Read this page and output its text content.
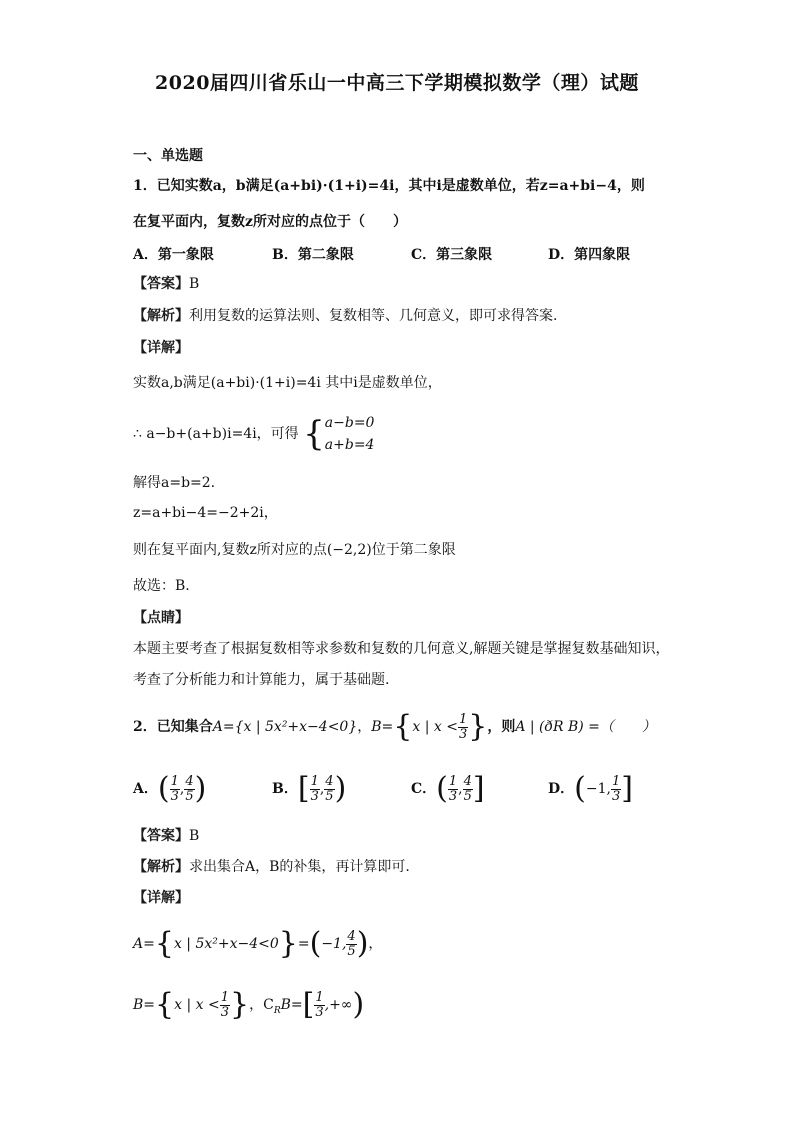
2020届四川省乐山一中高三下学期模拟数学（理）试题
一、单选题
1．已知实数a，b满足(a+bi)·(1+i)=4i，其中i是虚数单位，若z=a+bi−4，则
在复平面内，复数z所对应的点位于（　　）
A．第一象限	B．第二象限	C．第三象限	D．第四象限
【答案】B
【解析】利用复数的运算法则、复数相等、几何意义，即可求得答案.
【详解】
实数a,b满足(a+bi)·(1+i)=4i 其中i是虚数单位，
∴ a−b+(a+b)i=4i，可得 { a−b=0
a+b=4
解得a=b=2.
z=a+bi−4=−2+2i，
则在复平面内,复数z所对应的点(−2,2)位于第二象限
故选：B.
【点睛】
本题主要考查了根据复数相等求参数和复数的几何意义,解题关键是掌握复数基础知识，
考查了分析能力和计算能力，属于基础题.
2．已知集合A={x | 5x²+x−4<0}，B={x | $x < \frac{1}{3}$ }，则A | (ðR B) =（　　）
A．( $\frac{1}{3}$ , $\frac{4}{5}$ )	B．[ $\frac{1}{3}$ , $\frac{4}{5}$ )	C．( $\frac{1}{3}$ , $\frac{4}{5}$ ]	D．(−1, $\frac{1}{3}$ ]
【答案】B
【解析】求出集合A，B的补集，再计算即可.
【详解】
A={x | 5x²+x−4<0}=(−1, $\frac{4}{5}$ )，
B={x | $x < \frac{1}{3}$ }，$C_RB=[ \frac{1}{3}$ ,+∞)
